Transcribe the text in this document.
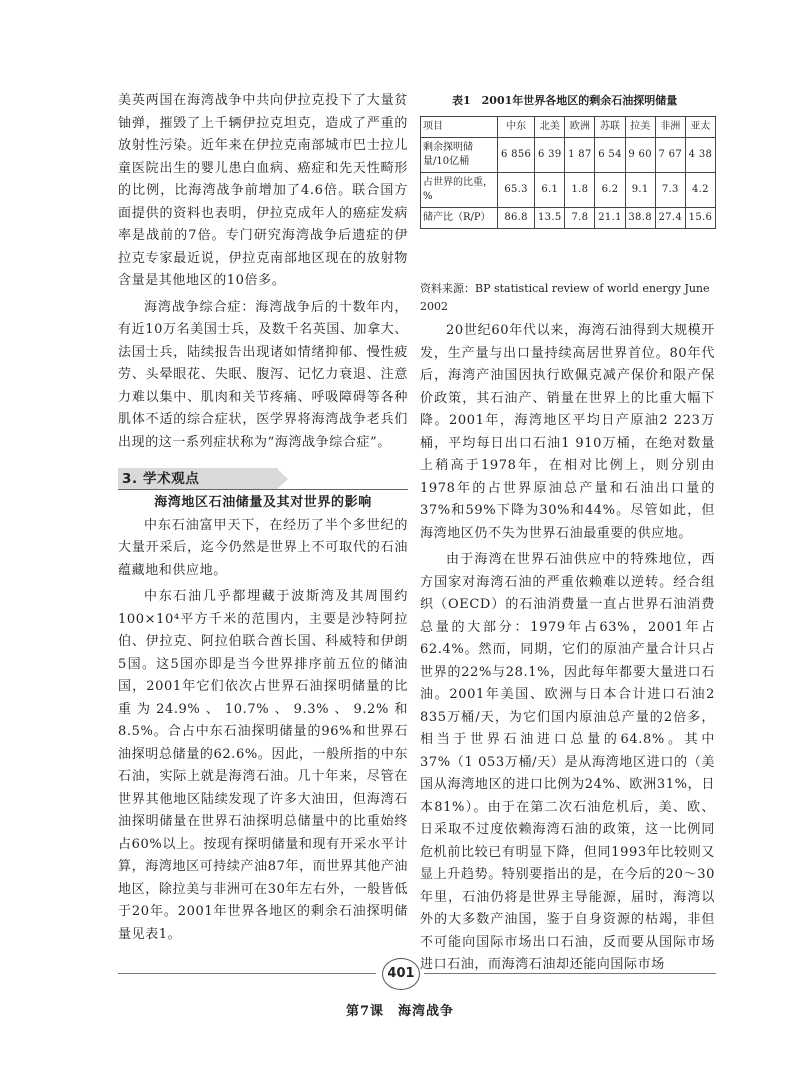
美英两国在海湾战争中共向伊拉克投下了大量贫铀弹，摧毁了上千辆伊拉克坦克，造成了严重的放射性污染。近年来在伊拉克南部城市巴士拉儿童医院出生的婴儿患白血病、癌症和先天性畸形的比例，比海湾战争前增加了4.6倍。联合国方面提供的资料也表明，伊拉克成年人的癌症发病率是战前的7倍。专门研究海湾战争后遗症的伊拉克专家最近说，伊拉克南部地区现在的放射物含量是其他地区的10倍多。

海湾战争综合症：海湾战争后的十数年内，有近10万名美国士兵，及数千名英国、加拿大、法国士兵，陆续报告出现诸如情绪抑郁、慢性疲劳、头晕眼花、失眠、腹泻、记忆力衰退、注意力难以集中、肌肉和关节疼痛、呼吸障碍等各种肌体不适的综合症状，医学界将海湾战争老兵们出现的这一系列症状称为“海湾战争综合症”。

3. 学术观点

海湾地区石油储量及其对世界的影响

中东石油富甲天下，在经历了半个多世纪的大量开采后，迄今仍然是世界上不可取代的石油蕴藏地和供应地。

中东石油几乎都埋藏于波斯湾及其周围约100×10⁴平方千米的范围内，主要是沙特阿拉伯、伊拉克、阿拉伯联合酋长国、科威特和伊朗5国。这5国亦即是当今世界排序前五位的储油国，2001年它们依次占世界石油探明储量的比重为24.9%、10.7%、9.3%、9.2%和8.5%。合占中东石油探明储量的96%和世界石油探明总储量的62.6%。因此，一般所指的中东石油，实际上就是海湾石油。几十年来，尽管在世界其他地区陆续发现了许多大油田，但海湾石油探明储量在世界石油探明总储量中的比重始终占60%以上。按现有探明储量和现有开采水平计算，海湾地区可持续产油87年，而世界其他产油地区，除拉美与非洲可在30年左右外，一般皆低于20年。2001年世界各地区的剩余石油探明储量见表1。

表1　2001年世界各地区的剩余石油探明储量
项目	中东	北美	欧洲	苏联	拉美	非洲	亚太
剩余探明储量/10亿桶	6 856	6 39	1 87	6 54	9 60	7 67	4 38
占世界的比重，%	65.3	6.1	1.8	6.2	9.1	7.3	4.2
储产比（R/P）	86.8	13.5	7.8	21.1	38.8	27.4	15.6
资料来源：BP statistical review of world energy June 2002

20世纪60年代以来，海湾石油得到大规模开发，生产量与出口量持续高居世界首位。80年代后，海湾产油国因执行欧佩克减产保价和限产保价政策，其石油产、销量在世界上的比重大幅下降。2001年，海湾地区平均日产原油2 223万桶，平均每日出口石油1 910万桶，在绝对数量上稍高于1978年，在相对比例上，则分别由1978年的占世界原油总产量和石油出口量的37%和59%下降为30%和44%。尽管如此，但海湾地区仍不失为世界石油最重要的供应地。

由于海湾在世界石油供应中的特殊地位，西方国家对海湾石油的严重依赖难以逆转。经合组织（OECD）的石油消费量一直占世界石油消费总量的大部分：1979年占63%，2001年占62.4%。然而，同期，它们的原油产量合计只占世界的22%与28.1%，因此每年都要大量进口石油。2001年美国、欧洲与日本合计进口石油2 835万桶/天，为它们国内原油总产量的2倍多，相当于世界石油进口总量的64.8%。其中37%（1 053万桶/天）是从海湾地区进口的（美国从海湾地区的进口比例为24%、欧洲31%，日本81%）。由于在第二次石油危机后，美、欧、日采取不过度依赖海湾石油的政策，这一比例同危机前比较已有明显下降，但同1993年比较则又显上升趋势。特别要指出的是，在今后的20～30年里，石油仍将是世界主导能源，届时，海湾以外的大多数产油国，鉴于自身资源的枯竭，非但不可能向国际市场出口石油，反而要从国际市场进口石油，而海湾石油却还能向国际市场

401
第7课　海湾战争
